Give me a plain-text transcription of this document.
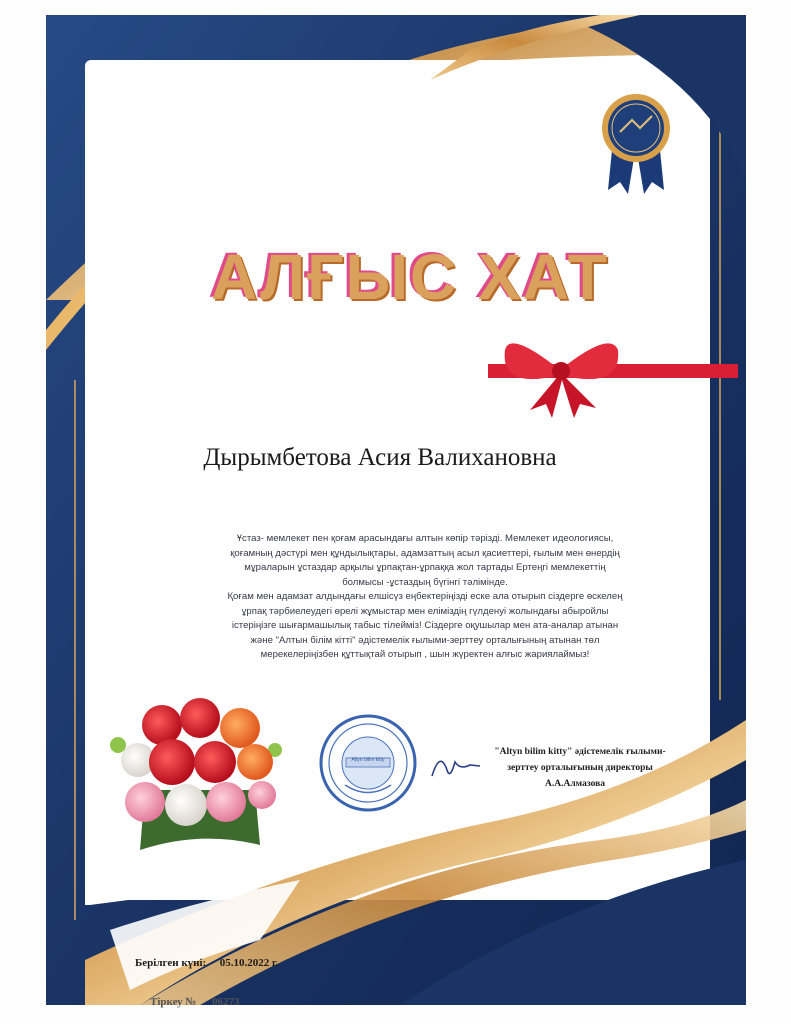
АЛҒЫС ХАТ
Дырымбетова Асия Валихановна

Ұстаз- мемлекет пен қоғам арасындағы алтын көпір тәрізді. Мемлекет идеологиясы,

қоғамның дәстүрі мен құндылықтары, адамзаттың асыл қасиеттері, ғылым мен өнердің

мұраларын ұстаздар арқылы ұрпақтан-ұрпаққа жол тартады Ертеңгі мемлекеттің

болмысы -ұстаздың бүгінгі тәлімінде.

Қоғам мен адамзат алдындағы елшісүз еңбектеріңізді еске ала отырып сіздерге өскелең

ұрпақ тәрбиелеудегі өрелі жұмыстар мен еліміздің гүлденуі жолындағы абыройлы

істеріңізге шығармашылық табыс тілейміз! Сіздерге оқушылар мен ата-аналар атынан

және "Алтын білім кітті" әдістемелік ғылыми-зерттеу орталығының атынан төл

мерекелеріңізбен құттықтай отырып , шын жүректен алғыс жариялаймыз!

Altyn bilim kitty
"Altyn bilim kitty" әдістемелік ғылыми-
зерттеу орталығының директоры
А.А.Алмазова
Берілген күні: 05.10.2022 г.
Тіркеу № 06273
